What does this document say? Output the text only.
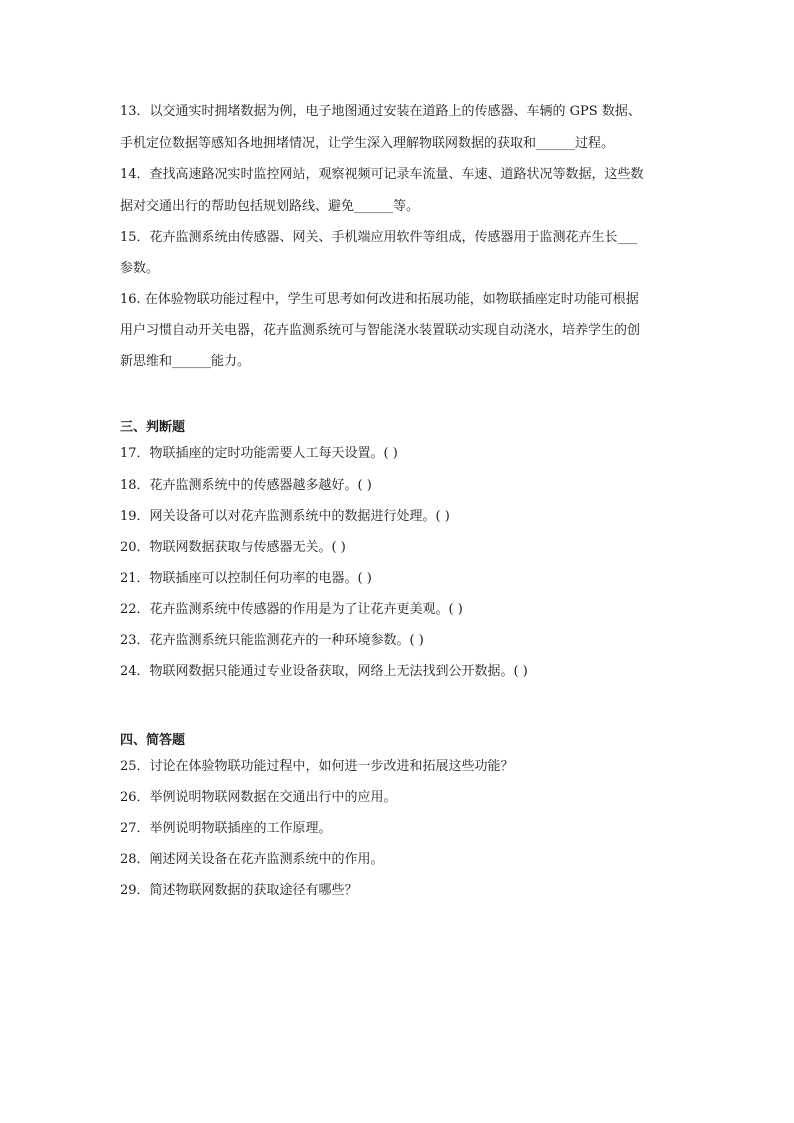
13．以交通实时拥堵数据为例，电子地图通过安装在道路上的传感器、车辆的 GPS 数据、
手机定位数据等感知各地拥堵情况，让学生深入理解物联网数据的获取和______过程。
14．查找高速路况实时监控网站，观察视频可记录车流量、车速、道路状况等数据，这些数
据对交通出行的帮助包括规划路线、避免______等。
15．花卉监测系统由传感器、网关、手机端应用软件等组成，传感器用于监测花卉生长___
参数。
16. 在体验物联功能过程中，学生可思考如何改进和拓展功能，如物联插座定时功能可根据
用户习惯自动开关电器，花卉监测系统可与智能浇水装置联动实现自动浇水，培养学生的创
新思维和______能力。
三、判断题
17．物联插座的定时功能需要人工每天设置。( )
18．花卉监测系统中的传感器越多越好。( )
19．网关设备可以对花卉监测系统中的数据进行处理。( )
20．物联网数据获取与传感器无关。( )
21．物联插座可以控制任何功率的电器。( )
22．花卉监测系统中传感器的作用是为了让花卉更美观。( )
23．花卉监测系统只能监测花卉的一种环境参数。( )
24．物联网数据只能通过专业设备获取，网络上无法找到公开数据。( )
四、简答题
25．讨论在体验物联功能过程中，如何进一步改进和拓展这些功能？
26．举例说明物联网数据在交通出行中的应用。
27．举例说明物联插座的工作原理。
28．阐述网关设备在花卉监测系统中的作用。
29．简述物联网数据的获取途径有哪些？
